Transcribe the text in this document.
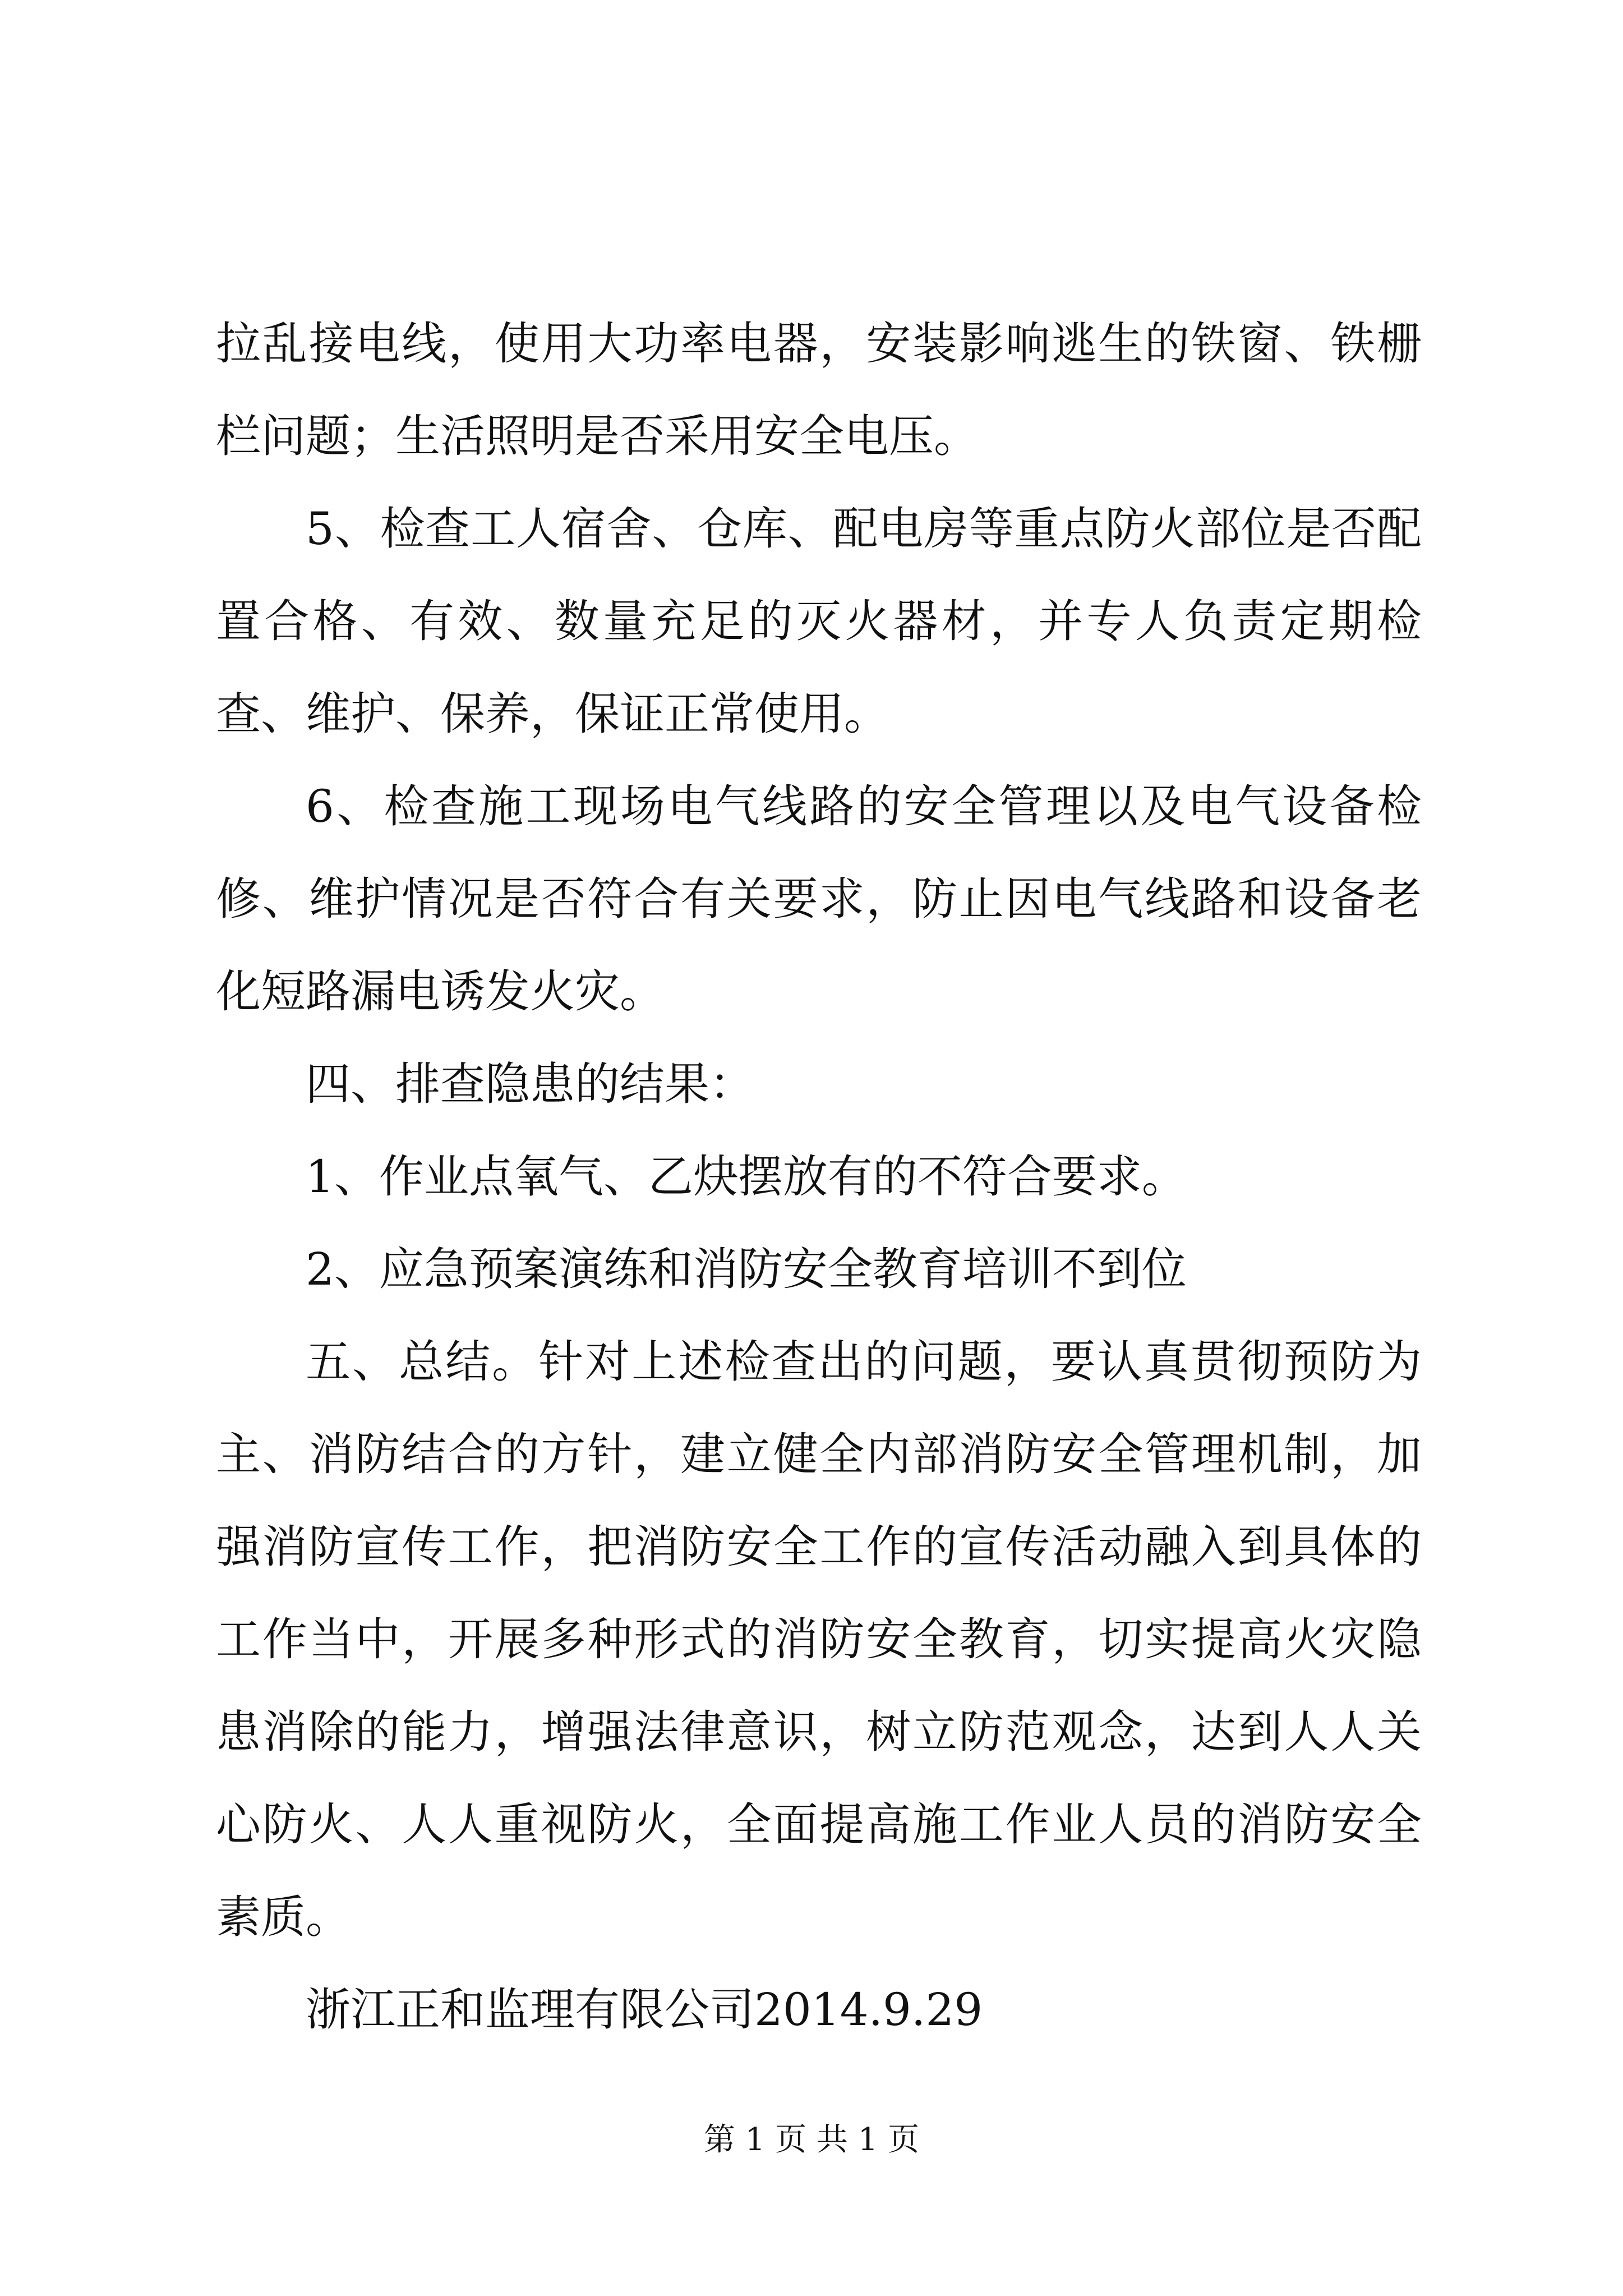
拉乱接电线，使用大功率电器，安装影响逃生的铁窗、铁栅栏问题；生活照明是否采用安全电压。

5、检查工人宿舍、仓库、配电房等重点防火部位是否配置合格、有效、数量充足的灭火器材，并专人负责定期检查、维护、保养，保证正常使用。

6、检查施工现场电气线路的安全管理以及电气设备检修、维护情况是否符合有关要求，防止因电气线路和设备老化短路漏电诱发火灾。

四、排查隐患的结果：

1、作业点氧气、乙炔摆放有的不符合要求。

2、应急预案演练和消防安全教育培训不到位

五、总结。针对上述检查出的问题，要认真贯彻预防为主、消防结合的方针，建立健全内部消防安全管理机制，加强消防宣传工作，把消防安全工作的宣传活动融入到具体的工作当中，开展多种形式的消防安全教育，切实提高火灾隐患消除的能力，增强法律意识，树立防范观念，达到人人关心防火、人人重视防火，全面提高施工作业人员的消防安全素质。

浙江正和监理有限公司2014.9.29

第 1 页 共 1 页
